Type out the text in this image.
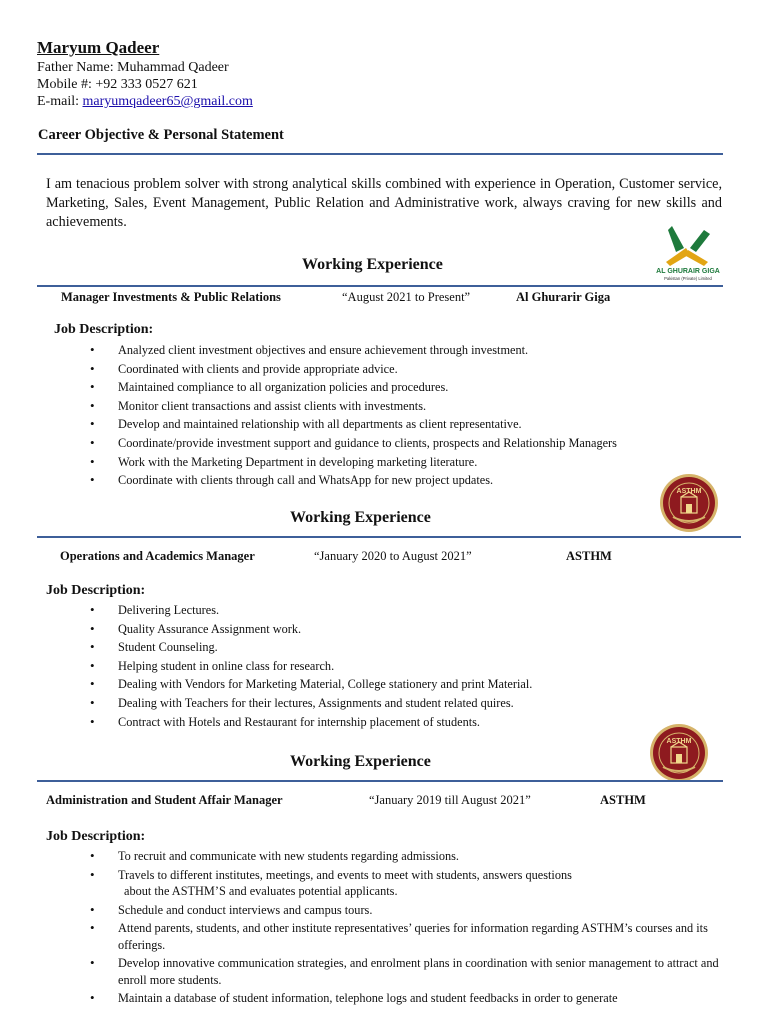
Maryum Qadeer
Father Name: Muhammad Qadeer
Mobile #: +92 333 0527 621
E-mail: maryumqadeer65@gmail.com
Career Objective & Personal Statement
I am tenacious problem solver with strong analytical skills combined with experience in Operation, Customer service, Marketing, Sales, Event Management, Public Relation and Administrative work, always craving for new skills and achievements.
AL GHURAIR GIGA
Pakistan (Private) Limited
Working Experience
Manager Investments & Public Relations	“August 2021 to Present”	Al Ghurarir Giga
Job Description:
• Analyzed client investment objectives and ensure achievement through investment.
• Coordinated with clients and provide appropriate advice.
• Maintained compliance to all organization policies and procedures.
• Monitor client transactions and assist clients with investments.
• Develop and maintained relationship with all departments as client representative.
• Coordinate/provide investment support and guidance to clients, prospects and Relationship Managers
• Work with the Marketing Department in developing marketing literature.
• Coordinate with clients through call and WhatsApp for new project updates.
ASTHM
Working Experience
Operations and Academics Manager	“January 2020 to August 2021”	ASTHM
Job Description:
• Delivering Lectures.
• Quality Assurance Assignment work.
• Student Counseling.
• Helping student in online class for research.
• Dealing with Vendors for Marketing Material, College stationery and print Material.
• Dealing with Teachers for their lectures, Assignments and student related quires.
• Contract with Hotels and Restaurant for internship placement of students.
ASTHM
Working Experience
Administration and Student Affair Manager	“January 2019 till August 2021”	ASTHM
Job Description:
• To recruit and communicate with new students regarding admissions.
• Travels to different institutes, meetings, and events to meet with students, answers questions
about the ASTHM’S and evaluates potential applicants.
• Schedule and conduct interviews and campus tours.
• Attend parents, students, and other institute representatives’ queries for information regarding ASTHM’s courses and its offerings.
• Develop innovative communication strategies, and enrolment plans in coordination with senior management to attract and enroll more students.
• Maintain a database of student information, telephone logs and student feedbacks in order to generate
